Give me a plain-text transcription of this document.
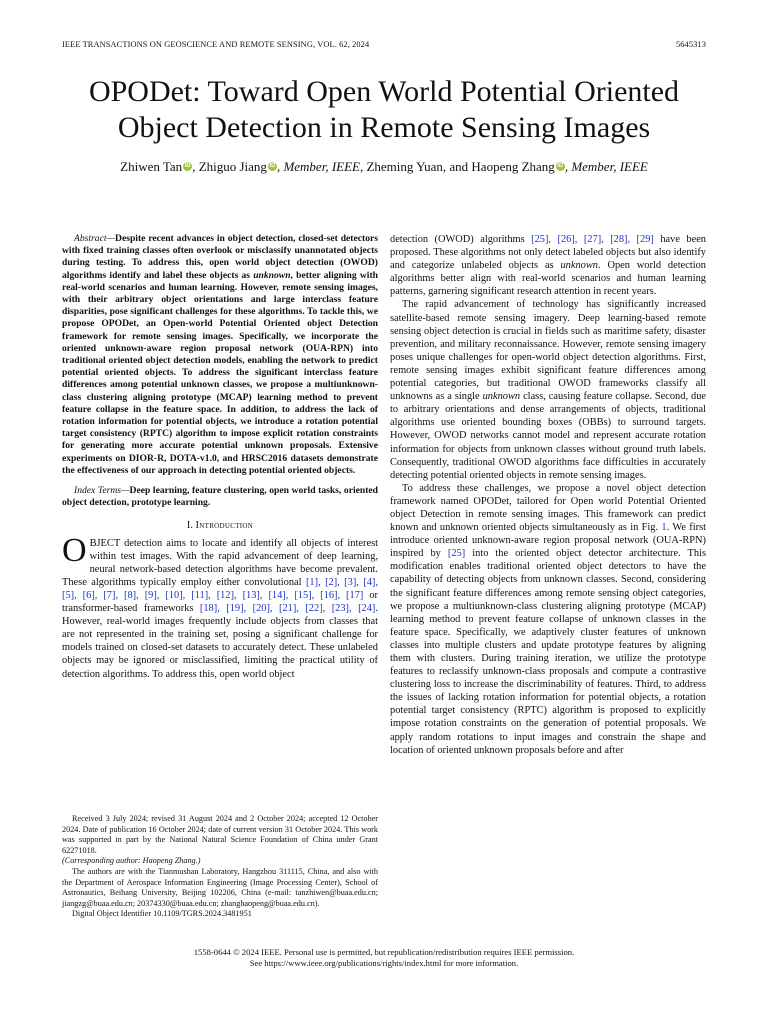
IEEE TRANSACTIONS ON GEOSCIENCE AND REMOTE SENSING, VOL. 62, 2024	5645313
OPODet: Toward Open World Potential Oriented
Object Detection in Remote Sensing Images
Zhiwen Tan iD , Zhiguo Jiang iD , Member, IEEE, Zheming Yuan, and Haopeng Zhang iD , Member, IEEE

Abstract—Despite recent advances in object detection, closed-set detectors with fixed training classes often overlook or misclassify unannotated objects during testing. To address this, open world object detection (OWOD) algorithms identify and label these objects as unknown, better aligning with real-world scenarios and human learning. However, remote sensing images, with their arbitrary object orientations and large interclass feature disparities, pose significant challenges for these algorithms. To tackle this, we propose OPODet, an Open-world Potential Oriented object Detection framework for remote sensing images. Specifically, we incorporate the oriented unknown-aware region proposal network (OUA-RPN) into traditional oriented object detection models, enabling the network to predict potential oriented objects. To address the significant interclass feature differences among potential unknown classes, we propose a multiunknown-class clustering aligning prototype (MCAP) learning method to prevent feature collapse in the feature space. In addition, to address the lack of rotation information for potential objects, we introduce a rotation potential target consistency (RPTC) algorithm to impose explicit rotation constraints for generating more accurate potential unknown proposals. Extensive experiments on DIOR-R, DOTA-v1.0, and HRSC2016 datasets demonstrate the effectiveness of our approach in detecting potential oriented objects.

Index Terms—Deep learning, feature clustering, open world tasks, oriented object detection, prototype learning.

I. Introduction

OBJECT detection aims to locate and identify all objects of interest within test images. With the rapid advancement of deep learning, neural network-based detection algorithms have become prevalent. These algorithms typically employ either convolutional [1], [2], [3], [4], [5], [6], [7], [8], [9], [10], [11], [12], [13], [14], [15], [16], [17] or transformer-based frameworks [18], [19], [20], [21], [22], [23], [24]. However, real-world images frequently include objects from classes that are not represented in the training set, posing a significant challenge for models trained on closed-set datasets to accurately detect. These unlabeled objects may be ignored or misclassified, limiting the practical utility of detection algorithms. To address this, open world object

Received 3 July 2024; revised 31 August 2024 and 2 October 2024; accepted 12 October 2024. Date of publication 16 October 2024; date of current version 31 October 2024. This work was supported in part by the National Natural Science Foundation of China under Grant 62271018.

(Corresponding author: Haopeng Zhang.)

The authors are with the Tianmushan Laboratory, Hangzhou 311115, China, and also with the Department of Aerospace Information Engineering (Image Processing Center), School of Astronautics, Beihang University, Beijing 102206, China (e-mail: tanzhiwen@buaa.edu.cn; jiangzg@buaa.edu.cn; 20374330@buaa.edu.cn; zhanghaopeng@buaa.edu.cn).

Digital Object Identifier 10.1109/TGRS.2024.3481951

detection (OWOD) algorithms [25], [26], [27], [28], [29] have been proposed. These algorithms not only detect labeled objects but also identify and categorize unlabeled objects as unknown. Open world detection algorithms better align with real-world scenarios and human learning patterns, garnering significant research attention in recent years.

The rapid advancement of technology has significantly increased satellite-based remote sensing imagery. Deep learning-based remote sensing object detection is crucial in fields such as maritime safety, disaster prevention, and military reconnaissance. However, remote sensing imagery poses unique challenges for open-world object detection algorithms. First, remote sensing images exhibit significant feature differences among potential categories, but traditional OWOD frameworks classify all unknowns as a single unknown class, causing feature collapse. Second, due to arbitrary orientations and dense arrangements of objects, traditional algorithms use oriented bounding boxes (OBBs) to surround targets. However, OWOD networks cannot model and represent accurate rotation information for objects from unknown classes without ground truth labels. Consequently, traditional OWOD algorithms face difficulties in accurately detecting potential oriented objects in remote sensing images.

To address these challenges, we propose a novel object detection framework named OPODet, tailored for Open world Potential Oriented object Detection in remote sensing images. This framework can predict known and unknown oriented objects simultaneously as in Fig. 1. We first introduce oriented unknown-aware region proposal network (OUA-RPN) inspired by [25] into the oriented object detector architecture. This modification enables traditional oriented object detectors to have the capability of detecting objects from unknown classes. Second, considering the significant feature differences among remote sensing object categories, we propose a multiunknown-class clustering aligning prototype (MCAP) learning method to prevent feature collapse of unknown classes in the feature space. Specifically, we adaptively cluster features of unknown classes into multiple clusters and update prototype features by aligning them with clusters. During training iteration, we utilize the prototype features to reclassify unknown-class proposals and compute a contrastive clustering loss to increase the discriminability of features. Third, to address the issues of lacking rotation information for potential objects, a rotation potential target consistency (RPTC) algorithm is proposed to explicitly impose rotation constraints on the generation of potential proposals. We apply random rotations to input images and constrain the shape and location of oriented unknown proposals before and after

1558-0644 © 2024 IEEE. Personal use is permitted, but republication/redistribution requires IEEE permission.
See https://www.ieee.org/publications/rights/index.html for more information.
